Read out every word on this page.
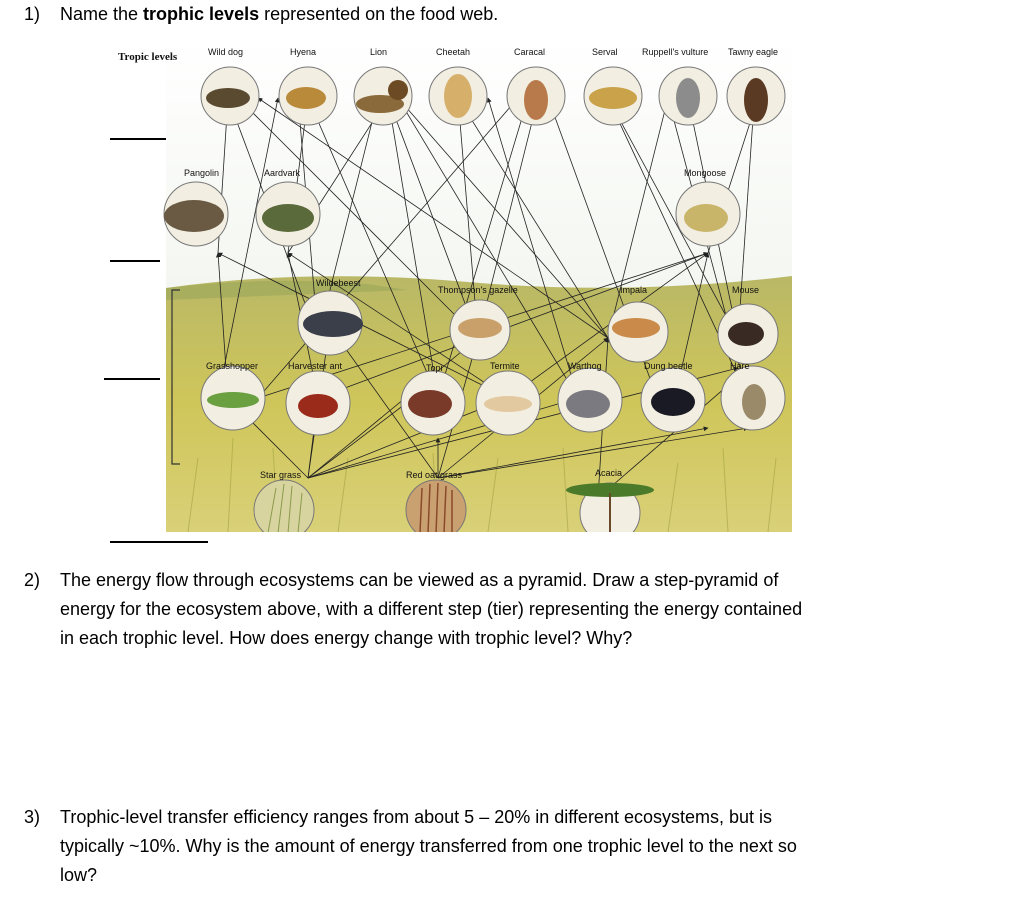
1) Name the trophic levels represented on the food web.
Tropic levels	Wild dog	Hyena	Lion	Cheetah	Caracal	Serval	Ruppell's vulture Tawny eagle
Pangolin	Aardvark	Mongoose
Wildebeest
Thompson's gazelle	Impala	Mouse
Grasshopper	Harvester ant	Topi	Termite	Warthog	Dung beetle	Hare
Star grass	Red oat grass	Acacia
2) The energy flow through ecosystems can be viewed as a pyramid. Draw a step-pyramid of
energy for the ecosystem above, with a different step (tier) representing the energy contained
in each trophic level. How does energy change with trophic level? Why?
3) Trophic-level transfer efficiency ranges from about 5 – 20% in different ecosystems, but is
typically ~10%. Why is the amount of energy transferred from one trophic level to the next so
low?
